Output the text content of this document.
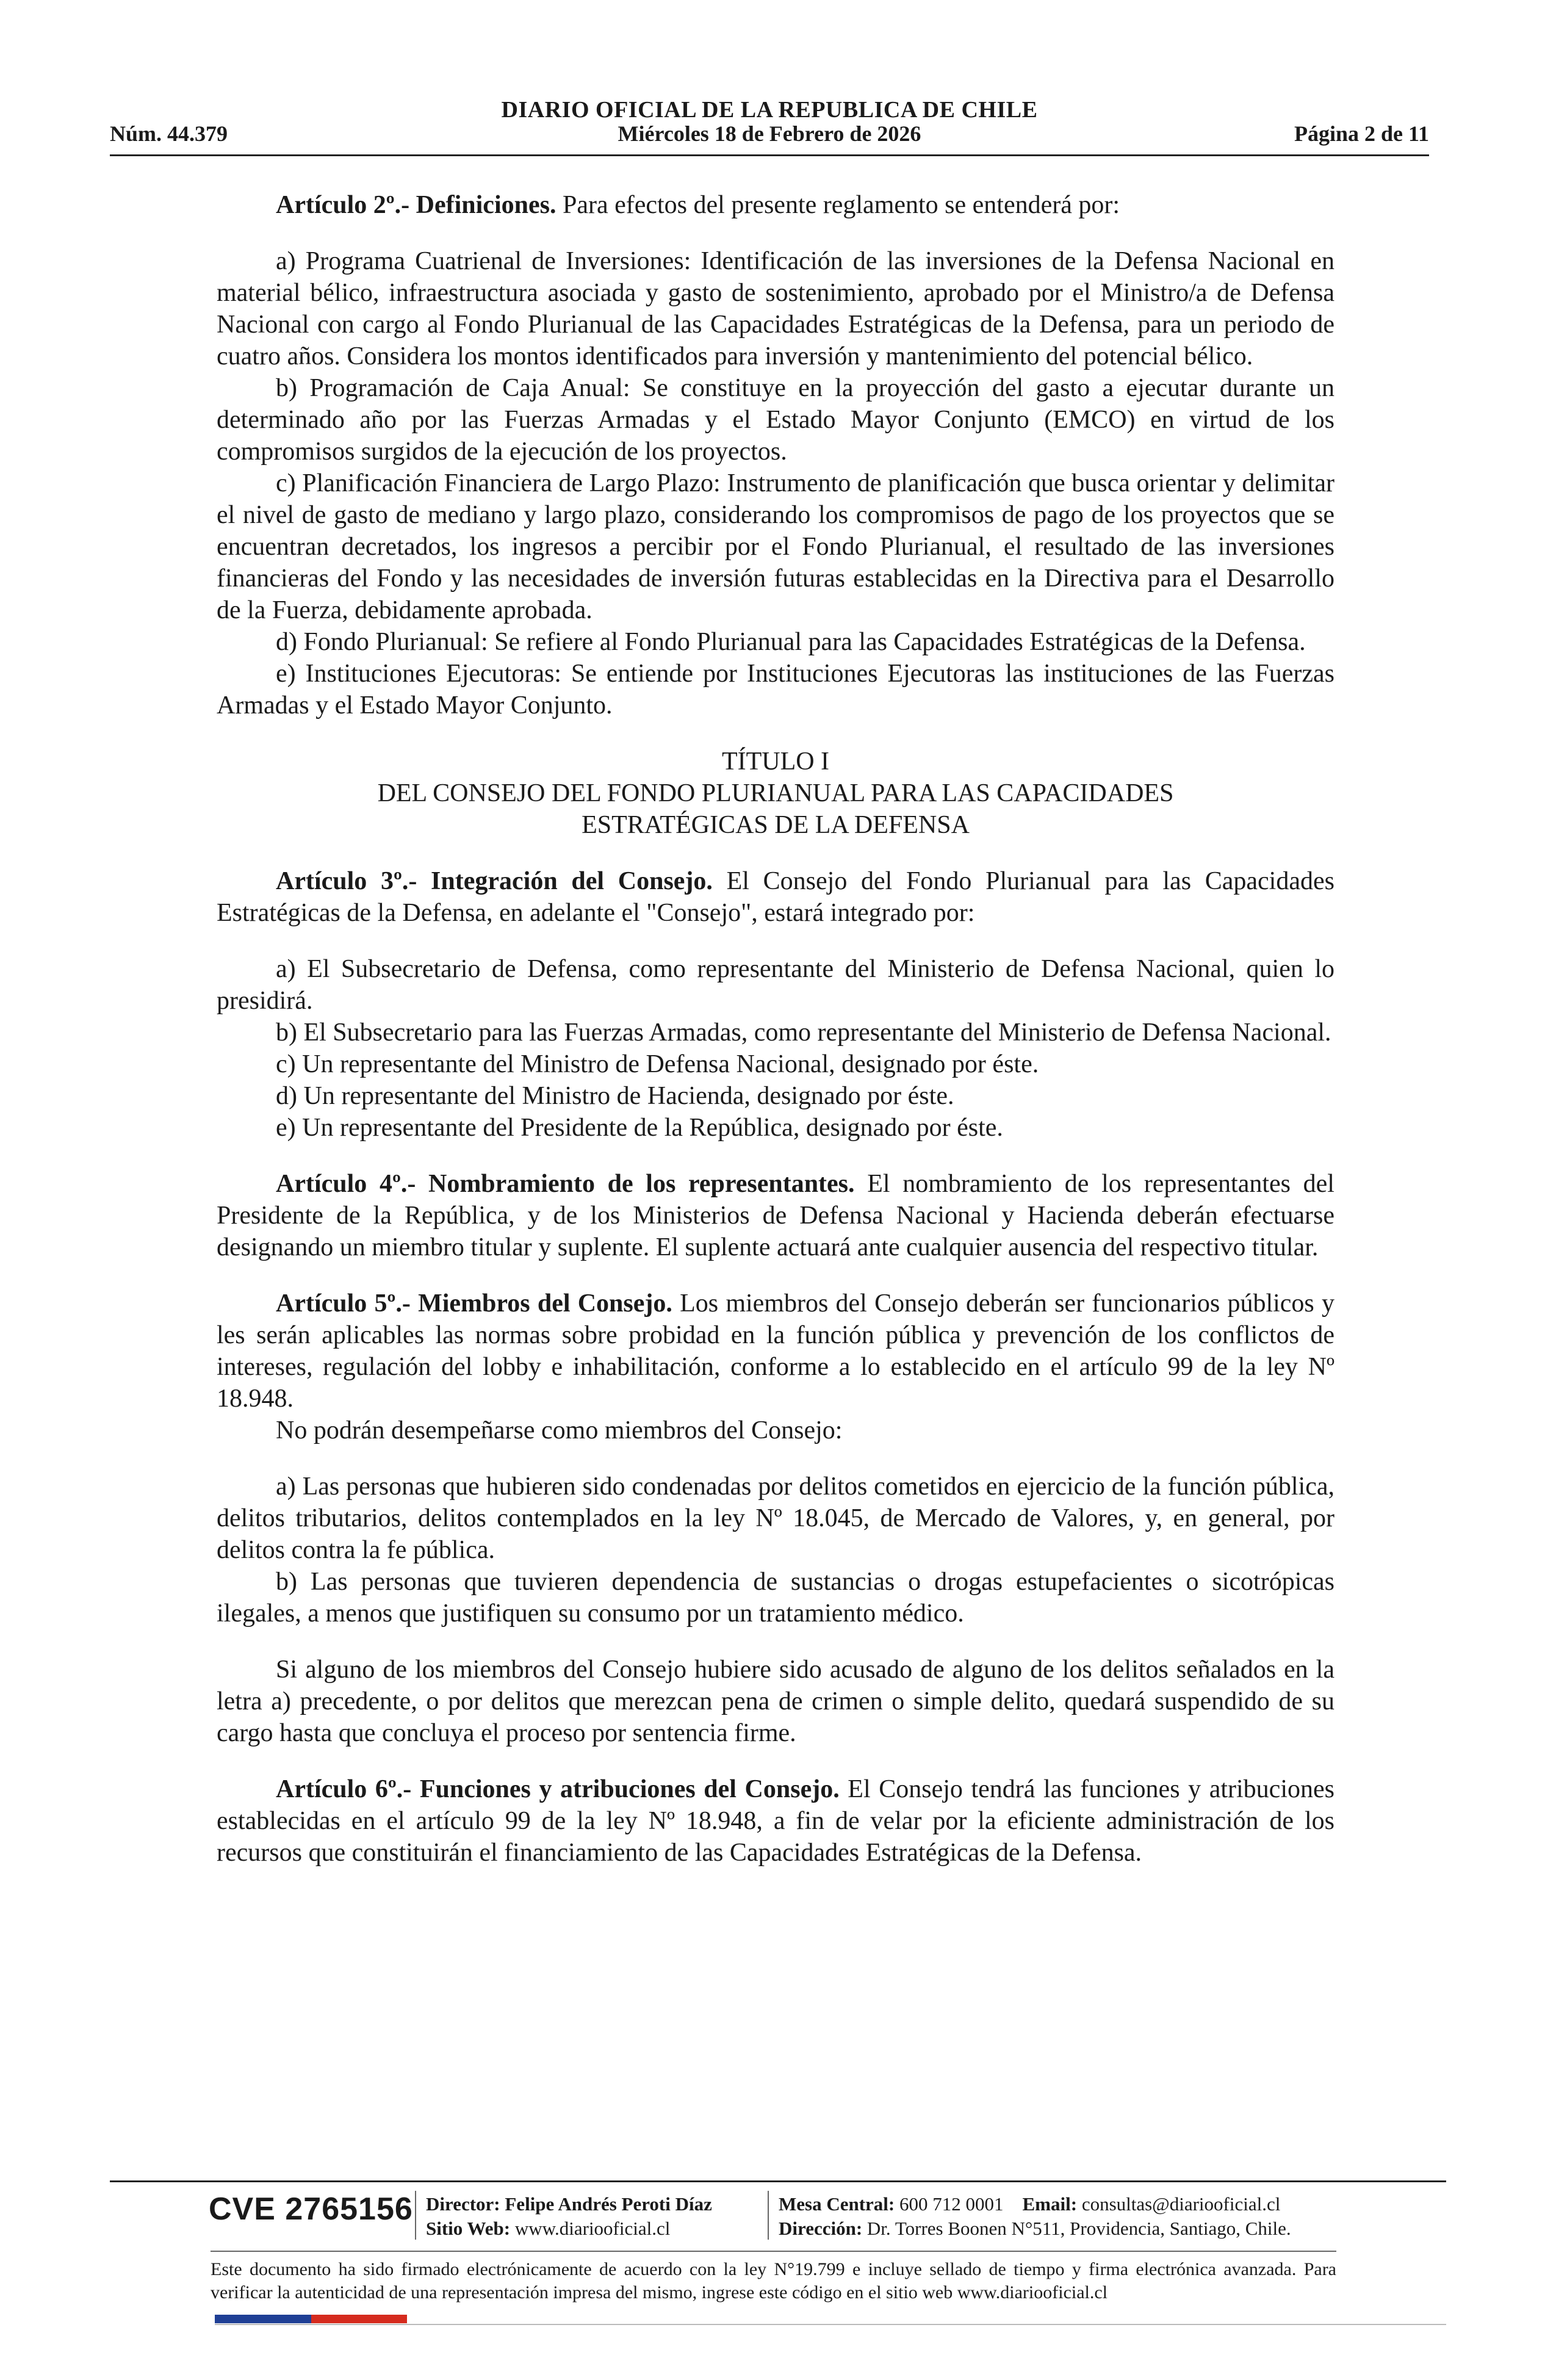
DIARIO OFICIAL DE LA REPUBLICA DE CHILE
Núm. 44.379	Miércoles 18 de Febrero de 2026	Página 2 de 11

Artículo 2º.- Definiciones. Para efectos del presente reglamento se entenderá por:

a) Programa Cuatrienal de Inversiones: Identificación de las inversiones de la Defensa Nacional en material bélico, infraestructura asociada y gasto de sostenimiento, aprobado por el Ministro/a de Defensa Nacional con cargo al Fondo Plurianual de las Capacidades Estratégicas de la Defensa, para un periodo de cuatro años. Considera los montos identificados para inversión y mantenimiento del potencial bélico.

b) Programación de Caja Anual: Se constituye en la proyección del gasto a ejecutar durante un determinado año por las Fuerzas Armadas y el Estado Mayor Conjunto (EMCO) en virtud de los compromisos surgidos de la ejecución de los proyectos.

c) Planificación Financiera de Largo Plazo: Instrumento de planificación que busca orientar y delimitar el nivel de gasto de mediano y largo plazo, considerando los compromisos de pago de los proyectos que se encuentran decretados, los ingresos a percibir por el Fondo Plurianual, el resultado de las inversiones financieras del Fondo y las necesidades de inversión futuras establecidas en la Directiva para el Desarrollo de la Fuerza, debidamente aprobada.

d) Fondo Plurianual: Se refiere al Fondo Plurianual para las Capacidades Estratégicas de la Defensa.

e) Instituciones Ejecutoras: Se entiende por Instituciones Ejecutoras las instituciones de las Fuerzas Armadas y el Estado Mayor Conjunto.

TÍTULO I

DEL CONSEJO DEL FONDO PLURIANUAL PARA LAS CAPACIDADES

ESTRATÉGICAS DE LA DEFENSA

Artículo 3º.- Integración del Consejo. El Consejo del Fondo Plurianual para las Capacidades Estratégicas de la Defensa, en adelante el "Consejo", estará integrado por:

a) El Subsecretario de Defensa, como representante del Ministerio de Defensa Nacional, quien lo presidirá.

b) El Subsecretario para las Fuerzas Armadas, como representante del Ministerio de Defensa Nacional.

c) Un representante del Ministro de Defensa Nacional, designado por éste.

d) Un representante del Ministro de Hacienda, designado por éste.

e) Un representante del Presidente de la República, designado por éste.

Artículo 4º.- Nombramiento de los representantes. El nombramiento de los representantes del Presidente de la República, y de los Ministerios de Defensa Nacional y Hacienda deberán efectuarse designando un miembro titular y suplente. El suplente actuará ante cualquier ausencia del respectivo titular.

Artículo 5º.- Miembros del Consejo. Los miembros del Consejo deberán ser funcionarios públicos y les serán aplicables las normas sobre probidad en la función pública y prevención de los conflictos de intereses, regulación del lobby e inhabilitación, conforme a lo establecido en el artículo 99 de la ley Nº 18.948.

No podrán desempeñarse como miembros del Consejo:

a) Las personas que hubieren sido condenadas por delitos cometidos en ejercicio de la función pública, delitos tributarios, delitos contemplados en la ley Nº 18.045, de Mercado de Valores, y, en general, por delitos contra la fe pública.

b) Las personas que tuvieren dependencia de sustancias o drogas estupefacientes o sicotrópicas ilegales, a menos que justifiquen su consumo por un tratamiento médico.

Si alguno de los miembros del Consejo hubiere sido acusado de alguno de los delitos señalados en la letra a) precedente, o por delitos que merezcan pena de crimen o simple delito, quedará suspendido de su cargo hasta que concluya el proceso por sentencia firme.

Artículo 6º.- Funciones y atribuciones del Consejo. El Consejo tendrá las funciones y atribuciones establecidas en el artículo 99 de la ley Nº 18.948, a fin de velar por la eficiente administración de los recursos que constituirán el financiamiento de las Capacidades Estratégicas de la Defensa.

CVE 2765156 Director: Felipe Andrés Peroti Díaz
Sitio Web: www.diariooficial.cl
Mesa Central: 600 712 0001 Email: consultas@diariooficial.cl
Dirección: Dr. Torres Boonen N°511, Providencia, Santiago, Chile.
Este documento ha sido firmado electrónicamente de acuerdo con la ley N°19.799 e incluye sellado de tiempo y firma electrónica avanzada. Para verificar la autenticidad de una representación impresa del mismo, ingrese este código en el sitio web www.diariooficial.cl
